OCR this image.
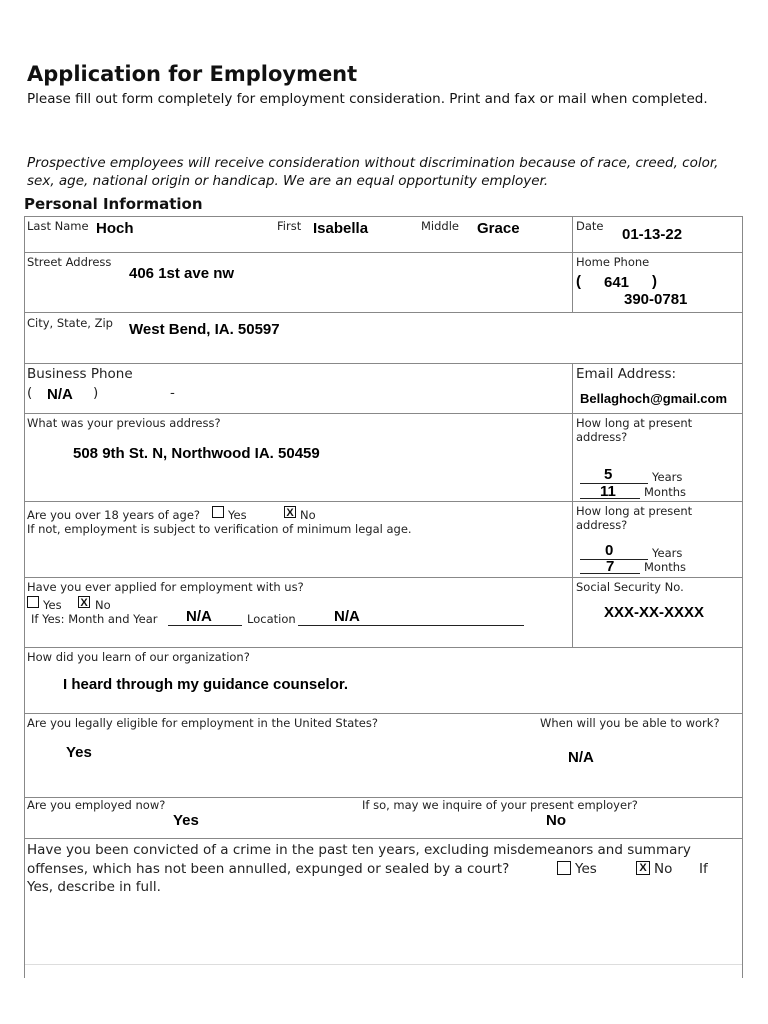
Application for Employment
Please fill out form completely for employment consideration. Print and fax or mail when completed.
Prospective employees will receive consideration without discrimination because of race, creed, color, sex, age, national origin or handicap. We are an equal opportunity employer.
Personal Information
Last Name Hoch	First Isabella	Middle Grace	Date 01-13-22
Street Address
406 1st ave nw
Home Phone
( 641 )
390-0781
City, State, Zip West Bend, IA. 50597
Business Phone
( N/A )	-
Email Address:
Bellaghoch@gmail.com
What was your previous address?
508 9th St. N, Northwood IA. 50459
How long at present address?
5	Years
11 Months
Are you over 18 years of age? Yes	X No
If not, employment is subject to verification of minimum legal age.
How long at present address?
0	Years
7	Months
Have you ever applied for employment with us?
Yes X No
If Yes: Month and Year N/A	Location	N/A
Social Security No.
XXX-XX-XXXX
How did you learn of our organization?
I heard through my guidance counselor.
Are you legally eligible for employment in the United States?
Yes
When will you be able to work?
N/A
Are you employed now?
Yes
If so, may we inquire of your present employer?
No
Have you been convicted of a crime in the past ten years, excluding misdemeanors and summary
offenses, which has not been annulled, expunged or sealed by a court?	Yes	X No If
Yes, describe in full.
